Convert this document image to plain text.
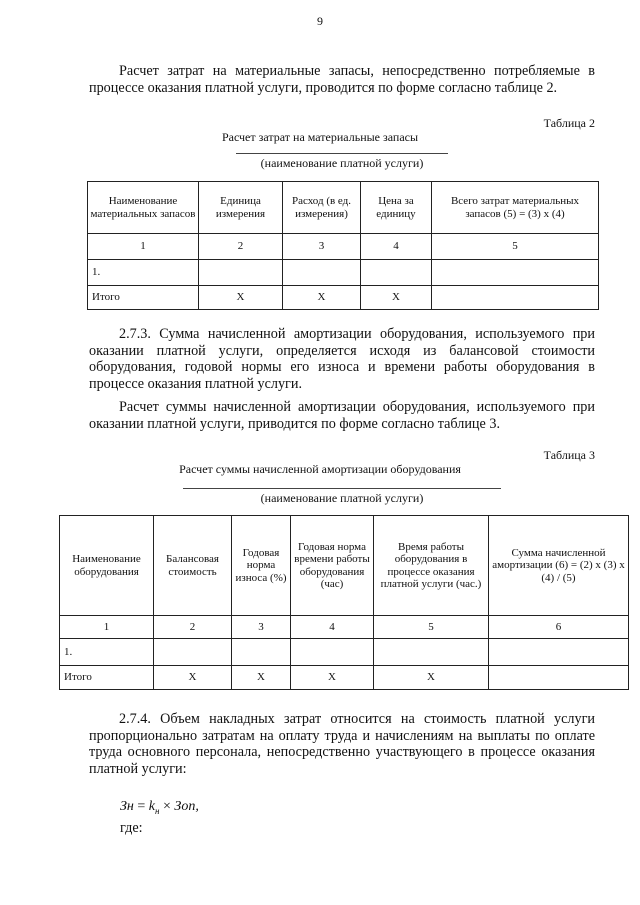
9

Расчет затрат на материальные запасы, непосредственно потребляемые в процессе оказания платной услуги, проводится по форме согласно таблице 2.

Таблица 2
Расчет затрат на материальные запасы
(наименование платной услуги)
Наименование материальных запасов	Единица измерения	Расход (в ед. измерения)	Цена за единицу	Всего затрат материальных запасов (5) = (3) x (4)
1	2	3	4	5
1.				
Итого	X	X	X	

2.7.3. Сумма начисленной амортизации оборудования, используемого при оказании платной услуги, определяется исходя из балансовой стоимости оборудования, годовой нормы его износа и времени работы оборудования в процессе оказания платной услуги.

Расчет суммы начисленной амортизации оборудования, используемого при оказании платной услуги, приводится по форме согласно таблице 3.

Таблица 3
Расчет суммы начисленной амортизации оборудования
(наименование платной услуги)
Наименование оборудования	Балансовая стоимость	Годовая норма износа (%)	Годовая норма времени работы оборудования (час)	Время работы оборудования в процессе оказания платной услуги (час.)	Сумма начисленной амортизации (6) = (2) x (3) x (4) / (5)
1	2	3	4	5	6
1.					
Итого	X	X	X	X	

2.7.4. Объем накладных затрат относится на стоимость платной услуги пропорционально затратам на оплату труда и начислениям на выплаты по оплате труда основного персонала, непосредственно участвующего в процессе оказания платной услуги:

Зн = $k_н$ × Зоп,
где:
